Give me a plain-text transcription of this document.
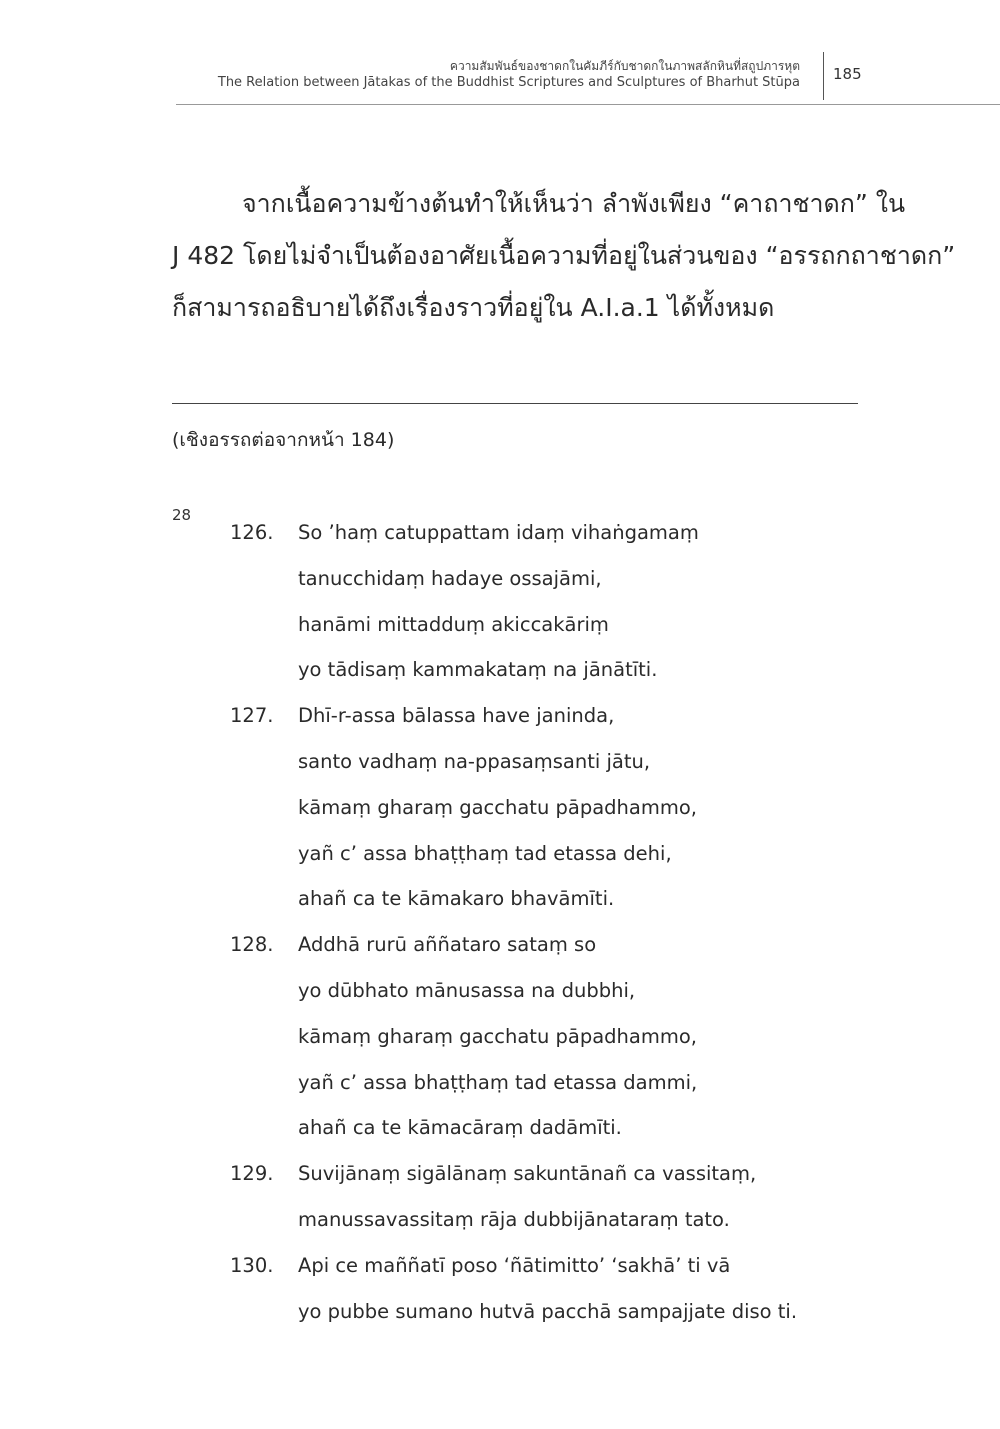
ความสัมพันธ์ของชาดกในคัมภีร์กับชาดกในภาพสลักหินที่สถูปภารหุต
The Relation between Jātakas of the Buddhist Scriptures and Sculptures of Bharhut Stūpa 185
จากเนื้อความข้างต้นทำให้เห็นว่า ลำพังเพียง “คาถาชาดก” ใน
J 482 โดยไม่จำเป็นต้องอาศัยเนื้อความที่อยู่ในส่วนของ “อรรถกถาชาดก”
ก็สามารถอธิบายได้ถึงเรื่องราวที่อยู่ใน A.I.a.1 ได้ทั้งหมด
(เชิงอรรถต่อจากหน้า 184)
28
126. So ’haṃ catuppattam idaṃ vihaṅgamaṃ
tanucchidaṃ hadaye ossajāmi,
hanāmi mittadduṃ akiccakāriṃ
yo tādisaṃ kammakataṃ na jānātīti.
127. Dhī-r-assa bālassa have janinda,
santo vadhaṃ na-ppasaṃsanti jātu,
kāmaṃ gharaṃ gacchatu pāpadhammo,
yañ c’ assa bhaṭṭhaṃ tad etassa dehi,
ahañ ca te kāmakaro bhavāmīti.
128. Addhā rurū aññataro sataṃ so
yo dūbhato mānusassa na dubbhi,
kāmaṃ gharaṃ gacchatu pāpadhammo,
yañ c’ assa bhaṭṭhaṃ tad etassa dammi,
ahañ ca te kāmacāraṃ dadāmīti.
129. Suvijānaṃ sigālānaṃ sakuntānañ ca vassitaṃ,
manussavassitaṃ rāja dubbijānataraṃ tato.
130. Api ce maññatī poso ‘ñātimitto’ ‘sakhā’ ti vā
yo pubbe sumano hutvā pacchā sampajjate diso ti.
